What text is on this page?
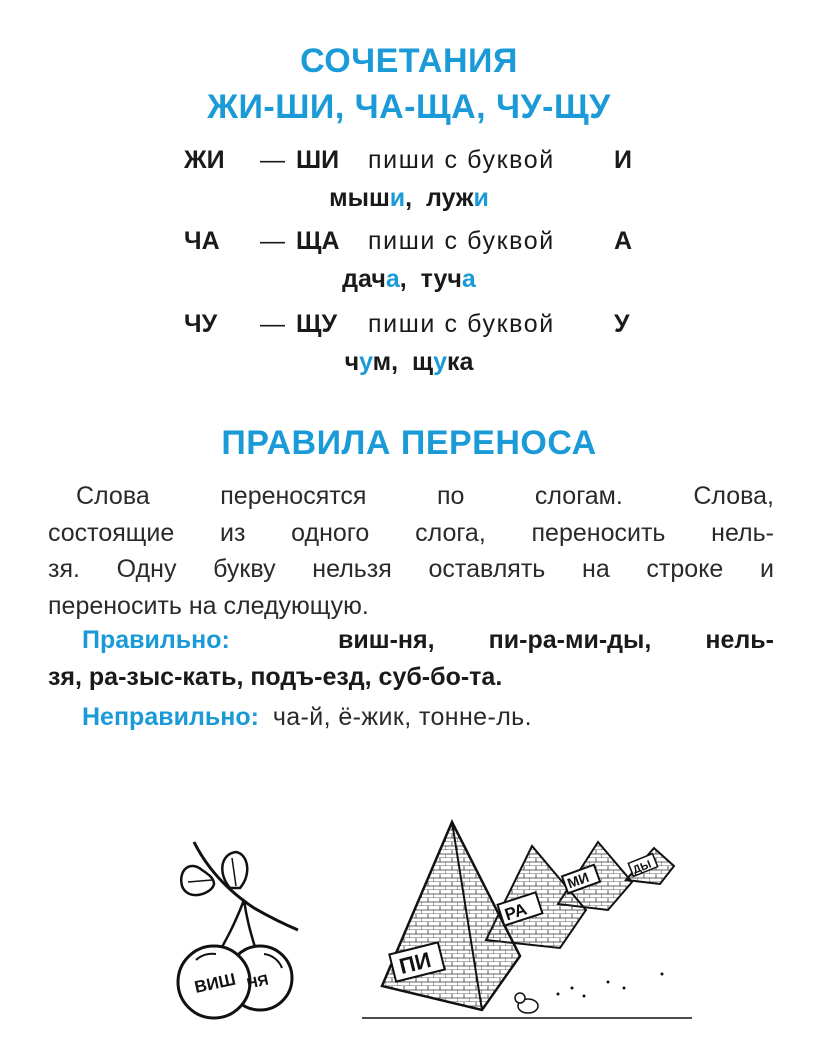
СОЧЕТАНИЯ
ЖИ-ШИ, ЧА-ЩА, ЧУ-ЩУ
ЖИ — ШИ пиши с буквой И
мыши, лужи
ЧА — ЩА пиши с буквой А
дача, туча
ЧУ — ЩУ пиши с буквой У
чум, щука
ПРАВИЛА ПЕРЕНОСА
Слова переносятся по слогам. Слова,
состоящие из одного слога, переносить нель-
зя. Одну букву нельзя оставлять на строке и
переносить на следующую.
Правильно:	виш-ня, пи-ра-ми-ды, нель-
зя, ра-зыс-кать, подъ-езд, суб-бо-та.
Неправильно: ча-й, ё-жик, тонне-ль.
ВИШ НЯ
ПИ
РА
МИ
ДЫ
